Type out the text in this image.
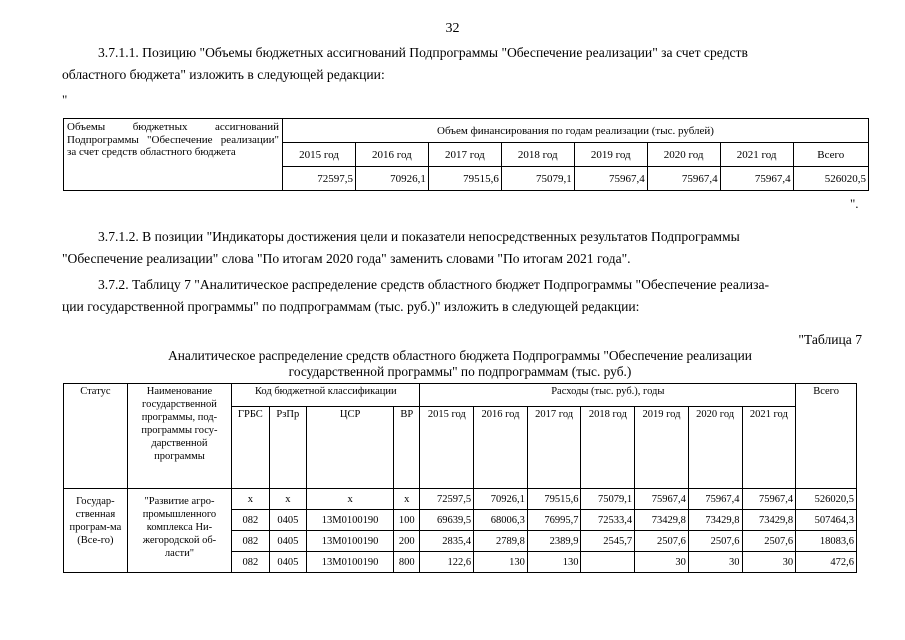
32
3.7.1.1. Позицию "Объемы бюджетных ассигнований Подпрограммы "Обеспечение реализации" за счет средств
областного бюджета" изложить в следующей редакции:
"
Объемы бюджетных ассигнований Подпрограммы "Обеспечение реализации" за счет средств областного бюджета	Объем финансирования по годам реализации (тыс. рублей)							
	2015 год	2016 год	2017 год	2018 год	2019 год	2020 год	2021 год	Всего
	72597,5	70926,1	79515,6	75079,1	75967,4	75967,4	75967,4	526020,5
".
3.7.1.2. В позиции "Индикаторы достижения цели и показатели непосредственных результатов Подпрограммы
"Обеспечение реализации" слова "По итогам 2020 года" заменить словами "По итогам 2021 года".
3.7.2. Таблицу 7 "Аналитическое распределение средств областного бюджет Подпрограммы "Обеспечение реализа-
ции государственной программы" по подпрограммам (тыс. руб.)" изложить в следующей редакции:
"Таблица 7
Аналитическое распределение средств областного бюджета Подпрограммы "Обеспечение реализации
государственной программы" по подпрограммам (тыс. руб.)
Статус	Наименование государственной программы, под-программы госу-дарственной программы	Код бюджетной классификации				Расходы (тыс. руб.), годы							Всего
		ГРБС	РзПр	ЦСР	ВР	2015 год	2016 год	2017 год	2018 год	2019 год	2020 год	2021 год	
Государ-ственная програм-ма (Все-го)	"Развитие агро-промышленного комплекса Ни-жегородской об-ласти"	х	х	х	х	72597,5	70926,1	79515,6	75079,1	75967,4	75967,4	75967,4	526020,5
		082	0405	13М0100190	100	69639,5	68006,3	76995,7	72533,4	73429,8	73429,8	73429,8	507464,3
		082	0405	13М0100190	200	2835,4	2789,8	2389,9	2545,7	2507,6	2507,6	2507,6	18083,6
		082	0405	13М0100190	800	122,6	130	130		30	30	30	472,6
